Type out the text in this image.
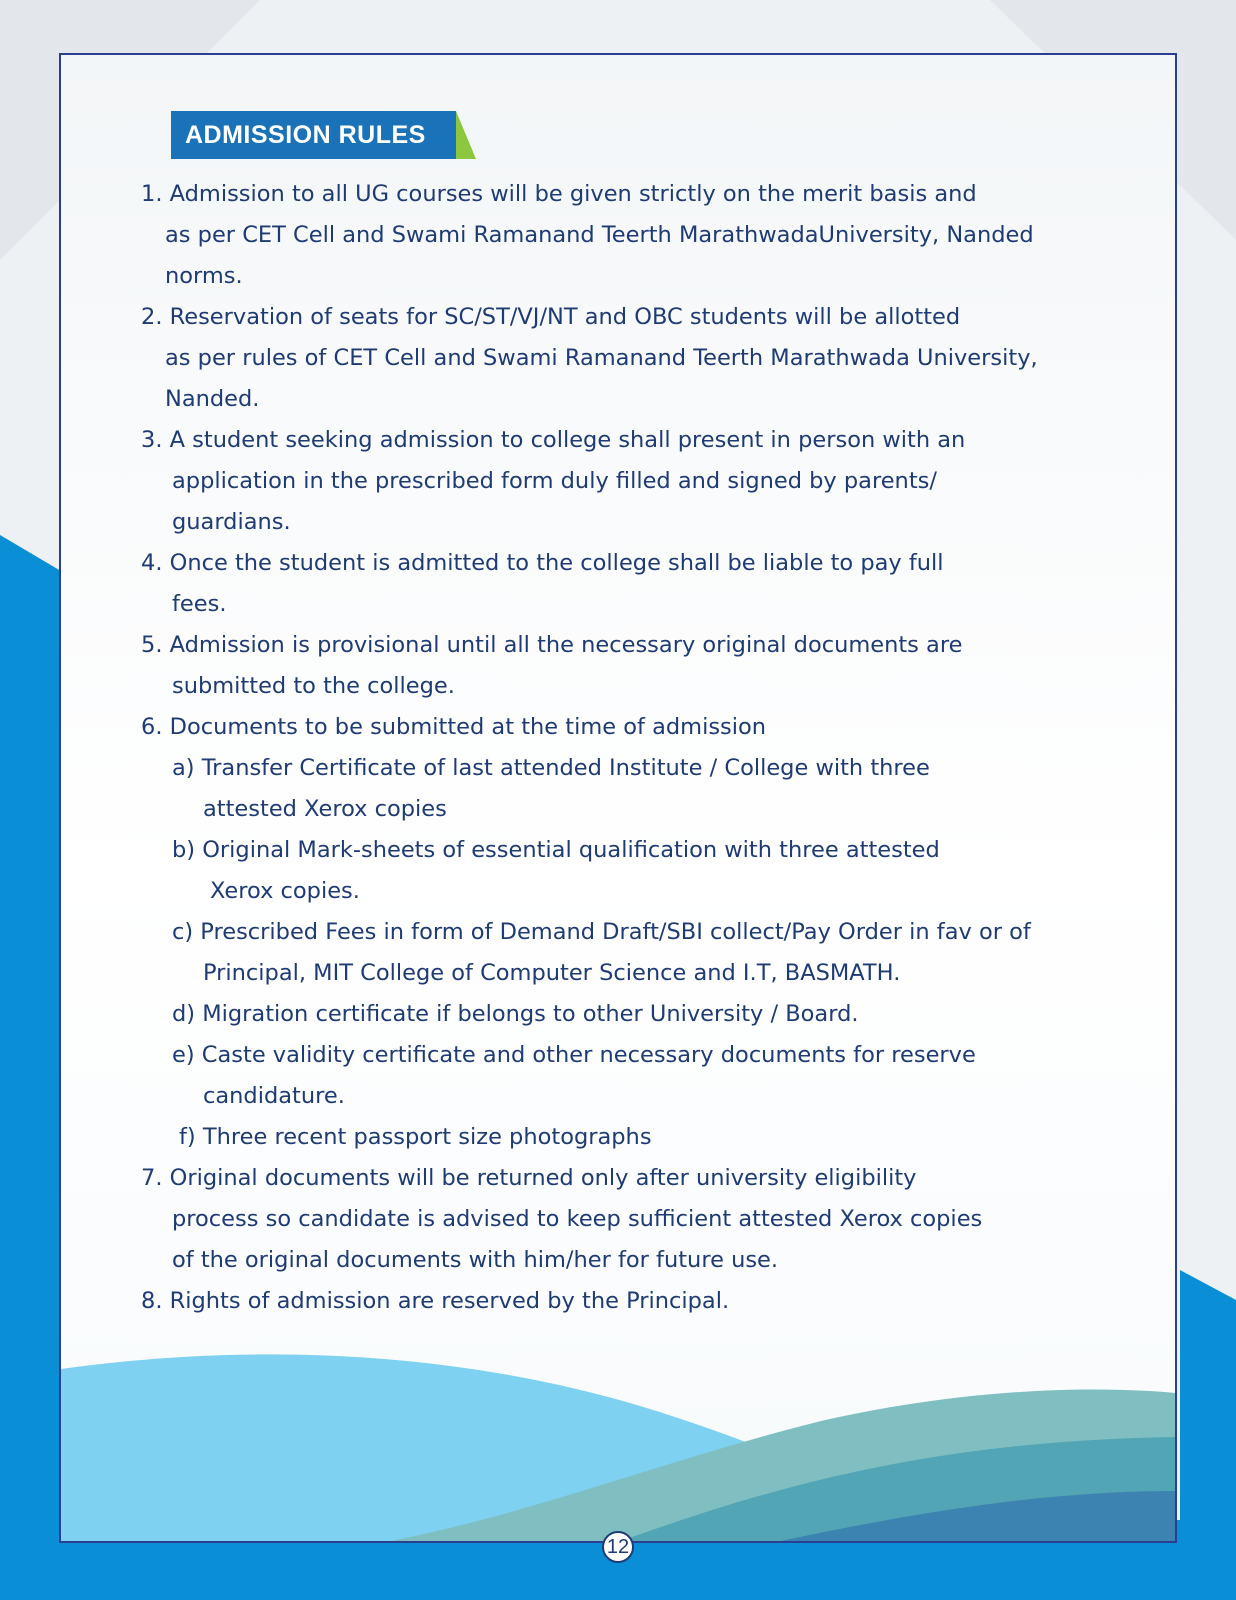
ADMISSION RULES
1. Admission to all UG courses will be given strictly on the merit basis and
as per CET Cell and Swami Ramanand Teerth MarathwadaUniversity, Nanded
norms.
2. Reservation of seats for SC/ST/VJ/NT and OBC students will be allotted
as per rules of CET Cell and Swami Ramanand Teerth Marathwada University,
Nanded.
3. A student seeking admission to college shall present in person with an
application in the prescribed form duly filled and signed by parents/
guardians.
4. Once the student is admitted to the college shall be liable to pay full
fees.
5. Admission is provisional until all the necessary original documents are
submitted to the college.
6. Documents to be submitted at the time of admission
a) Transfer Certificate of last attended Institute / College with three
attested Xerox copies
b) Original Mark-sheets of essential qualification with three attested
Xerox copies.
c) Prescribed Fees in form of Demand Draft/SBI collect/Pay Order in fav or of
Principal, MIT College of Computer Science and I.T, BASMATH.
d) Migration certificate if belongs to other University / Board.
e) Caste validity certificate and other necessary documents for reserve
candidature.
f) Three recent passport size photographs
7. Original documents will be returned only after university eligibility
process so candidate is advised to keep sufficient attested Xerox copies
of the original documents with him/her for future use.
8. Rights of admission are reserved by the Principal.
12
